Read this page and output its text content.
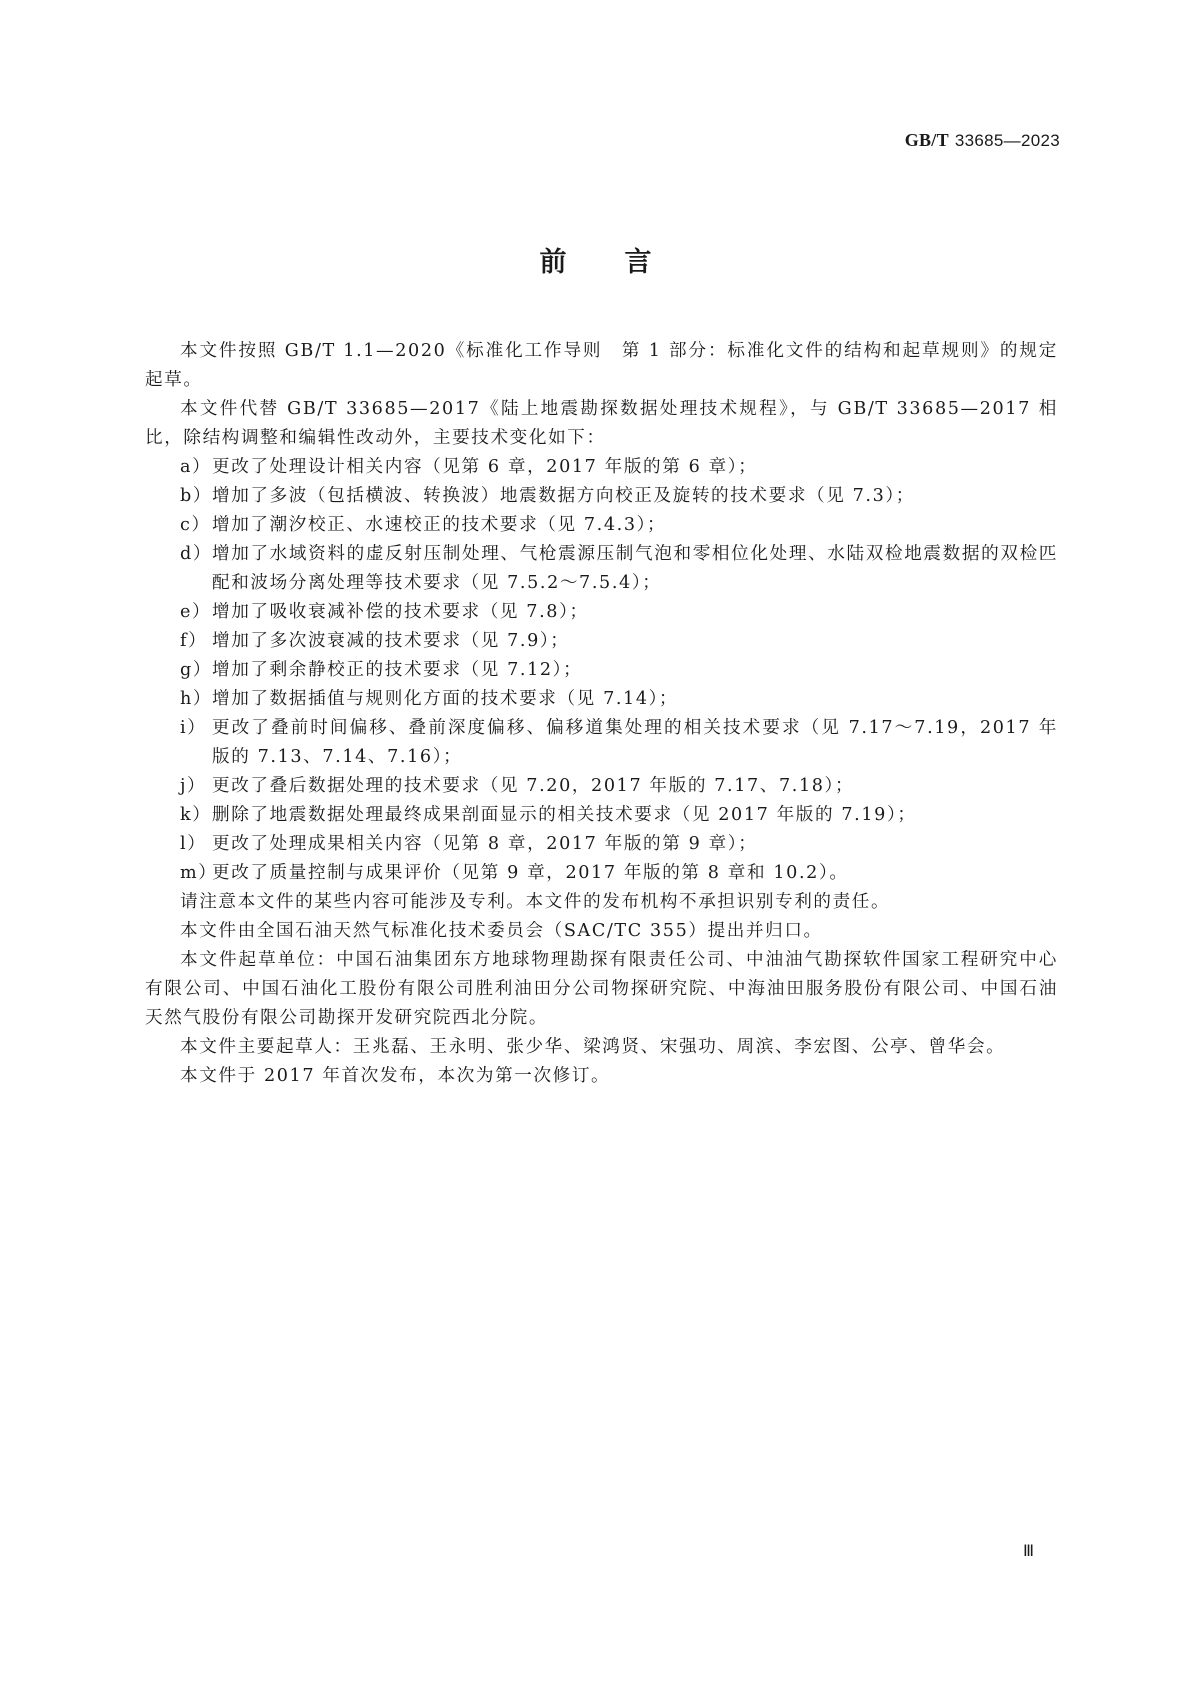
GB/T 33685—2023
前 言

本文件按照 GB/T 1.1—2020《标准化工作导则　第 1 部分：标准化文件的结构和起草规则》的规定起草。

本文件代替 GB/T 33685—2017《陆上地震勘探数据处理技术规程》，与 GB/T 33685—2017 相比，除结构调整和编辑性改动外，主要技术变化如下：

a） 更改了处理设计相关内容（见第 6 章，2017 年版的第 6 章）；
b） 增加了多波（包括横波、转换波）地震数据方向校正及旋转的技术要求（见 7.3）；
c） 增加了潮汐校正、水速校正的技术要求（见 7.4.3）；
d） 增加了水域资料的虚反射压制处理、气枪震源压制气泡和零相位化处理、水陆双检地震数据的双检匹配和波场分离处理等技术要求（见 7.5.2～7.5.4）；
e） 增加了吸收衰减补偿的技术要求（见 7.8）；
f） 增加了多次波衰减的技术要求（见 7.9）；
g） 增加了剩余静校正的技术要求（见 7.12）；
h） 增加了数据插值与规则化方面的技术要求（见 7.14）；
i） 更改了叠前时间偏移、叠前深度偏移、偏移道集处理的相关技术要求（见 7.17～7.19，2017 年版的 7.13、7.14、7.16）；
j） 更改了叠后数据处理的技术要求（见 7.20，2017 年版的 7.17、7.18）；
k） 删除了地震数据处理最终成果剖面显示的相关技术要求（见 2017 年版的 7.19）；
l） 更改了处理成果相关内容（见第 8 章，2017 年版的第 9 章）；
m）
更改了质量控制与成果评价（见第 9 章，2017 年版的第 8 章和 10.2）。

请注意本文件的某些内容可能涉及专利。本文件的发布机构不承担识别专利的责任。

本文件由全国石油天然气标准化技术委员会（SAC/TC 355）提出并归口。

本文件起草单位：中国石油集团东方地球物理勘探有限责任公司、中油油气勘探软件国家工程研究中心有限公司、中国石油化工股份有限公司胜利油田分公司物探研究院、中海油田服务股份有限公司、中国石油天然气股份有限公司勘探开发研究院西北分院。

本文件主要起草人：王兆磊、王永明、张少华、梁鸿贤、宋强功、周滨、李宏图、公亭、曾华会。

本文件于 2017 年首次发布，本次为第一次修订。

Ⅲ
